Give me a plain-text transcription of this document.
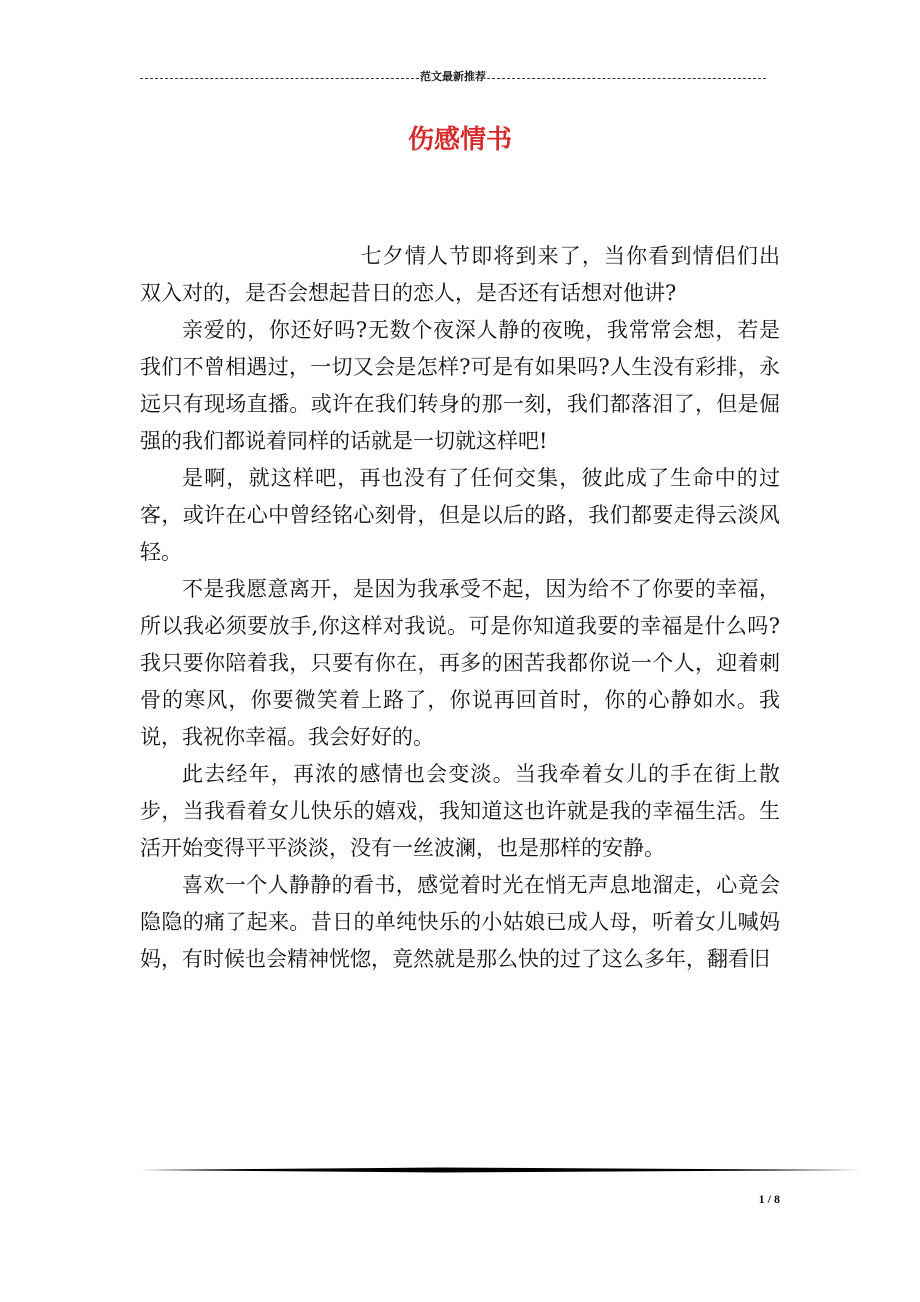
范文最新推荐
伤感情书

七夕情人节即将到来了，当你看到情侣们出双入对的，是否会想起昔日的恋人，是否还有话想对他讲?

亲爱的，你还好吗?无数个夜深人静的夜晚，我常常会想，若是我们不曾相遇过，一切又会是怎样?可是有如果吗?人生没有彩排，永远只有现场直播。或许在我们转身的那一刻，我们都落泪了，但是倔强的我们都说着同样的话就是一切就这样吧!

是啊，就这样吧，再也没有了任何交集，彼此成了生命中的过客，或许在心中曾经铭心刻骨，但是以后的路，我们都要走得云淡风轻。

不是我愿意离开，是因为我承受不起，因为给不了你要的幸福，所以我必须要放手,你这样对我说。可是你知道我要的幸福是什么吗?我只要你陪着我，只要有你在，再多的困苦我都你说一个人，迎着刺骨的寒风，你要微笑着上路了，你说再回首时，你的心静如水。我说，我祝你幸福。我会好好的。

此去经年，再浓的感情也会变淡。当我牵着女儿的手在街上散步，当我看着女儿快乐的嬉戏，我知道这也许就是我的幸福生活。生活开始变得平平淡淡，没有一丝波澜，也是那样的安静。

喜欢一个人静静的看书，感觉着时光在悄无声息地溜走，心竟会隐隐的痛了起来。昔日的单纯快乐的小姑娘已成人母，听着女儿喊妈妈，有时候也会精神恍惚，竟然就是那么快的过了这么多年，翻看旧

1 / 8
